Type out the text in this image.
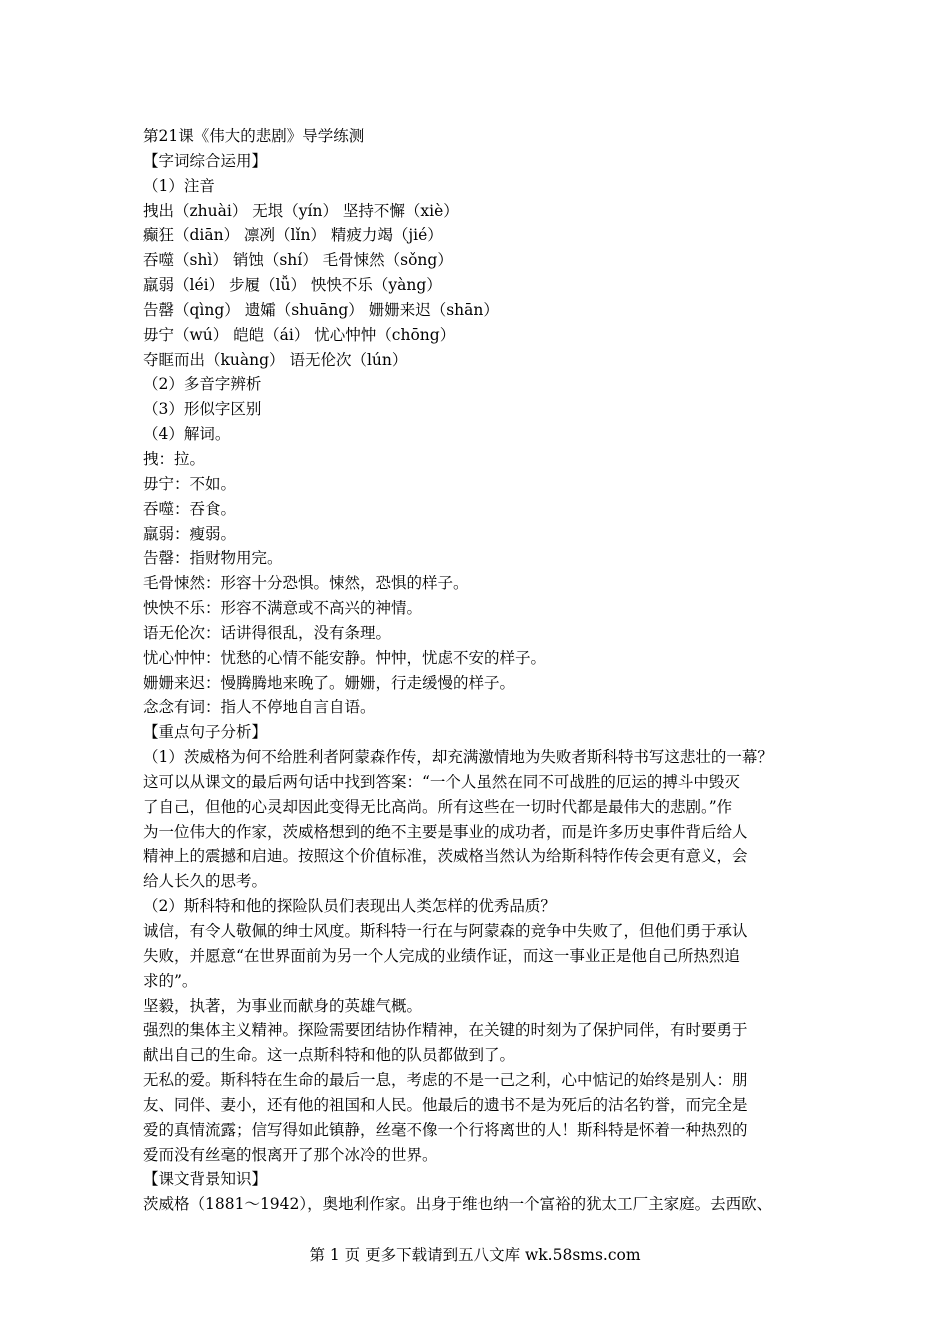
第21课《伟大的悲剧》导学练测
【字词综合运用】
（1）注音
拽出（zhuài） 无垠（yín） 坚持不懈（xiè）
癫狂（diān） 凛冽（lǐn） 精疲力竭（jié）
吞噬（shì） 销蚀（shí） 毛骨悚然（sǒng）
羸弱（léi） 步履（lǚ） 怏怏不乐（yàng）
告罄（qìng） 遗孀（shuāng） 姗姗来迟（shān）
毋宁（wú） 皑皑（ái） 忧心忡忡（chōng）
夺眶而出（kuàng） 语无伦次（lún）
（2）多音字辨析
（3）形似字区别
（4）解词。
拽：拉。
毋宁：不如。
吞噬：吞食。
羸弱：瘦弱。
告罄：指财物用完。
毛骨悚然：形容十分恐惧。悚然，恐惧的样子。
怏怏不乐：形容不满意或不高兴的神情。
语无伦次：话讲得很乱，没有条理。
忧心忡忡：忧愁的心情不能安静。忡忡，忧虑不安的样子。
姗姗来迟：慢腾腾地来晚了。姗姗，行走缓慢的样子。
念念有词：指人不停地自言自语。
【重点句子分析】
（1）茨威格为何不给胜利者阿蒙森作传，却充满激情地为失败者斯科特书写这悲壮的一幕？
这可以从课文的最后两句话中找到答案：“一个人虽然在同不可战胜的厄运的搏斗中毁灭
了自己，但他的心灵却因此变得无比高尚。所有这些在一切时代都是最伟大的悲剧。”作
为一位伟大的作家，茨威格想到的绝不主要是事业的成功者，而是许多历史事件背后给人
精神上的震撼和启迪。按照这个价值标准，茨威格当然认为给斯科特作传会更有意义，会
给人长久的思考。
（2）斯科特和他的探险队员们表现出人类怎样的优秀品质？
诚信，有令人敬佩的绅士风度。斯科特一行在与阿蒙森的竞争中失败了，但他们勇于承认
失败，并愿意“在世界面前为另一个人完成的业绩作证，而这一事业正是他自己所热烈追
求的”。
坚毅，执著，为事业而献身的英雄气概。
强烈的集体主义精神。探险需要团结协作精神，在关键的时刻为了保护同伴，有时要勇于
献出自己的生命。这一点斯科特和他的队员都做到了。
无私的爱。斯科特在生命的最后一息，考虑的不是一己之利，心中惦记的始终是别人：朋
友、同伴、妻小，还有他的祖国和人民。他最后的遗书不是为死后的沽名钓誉，而完全是
爱的真情流露；信写得如此镇静，丝毫不像一个行将离世的人！斯科特是怀着一种热烈的
爱而没有丝毫的恨离开了那个冰冷的世界。
【课文背景知识】
茨威格（1881～1942），奥地利作家。出身于维也纳一个富裕的犹太工厂主家庭。去西欧、
第 1 页 更多下载请到五八文库 wk.58sms.com
